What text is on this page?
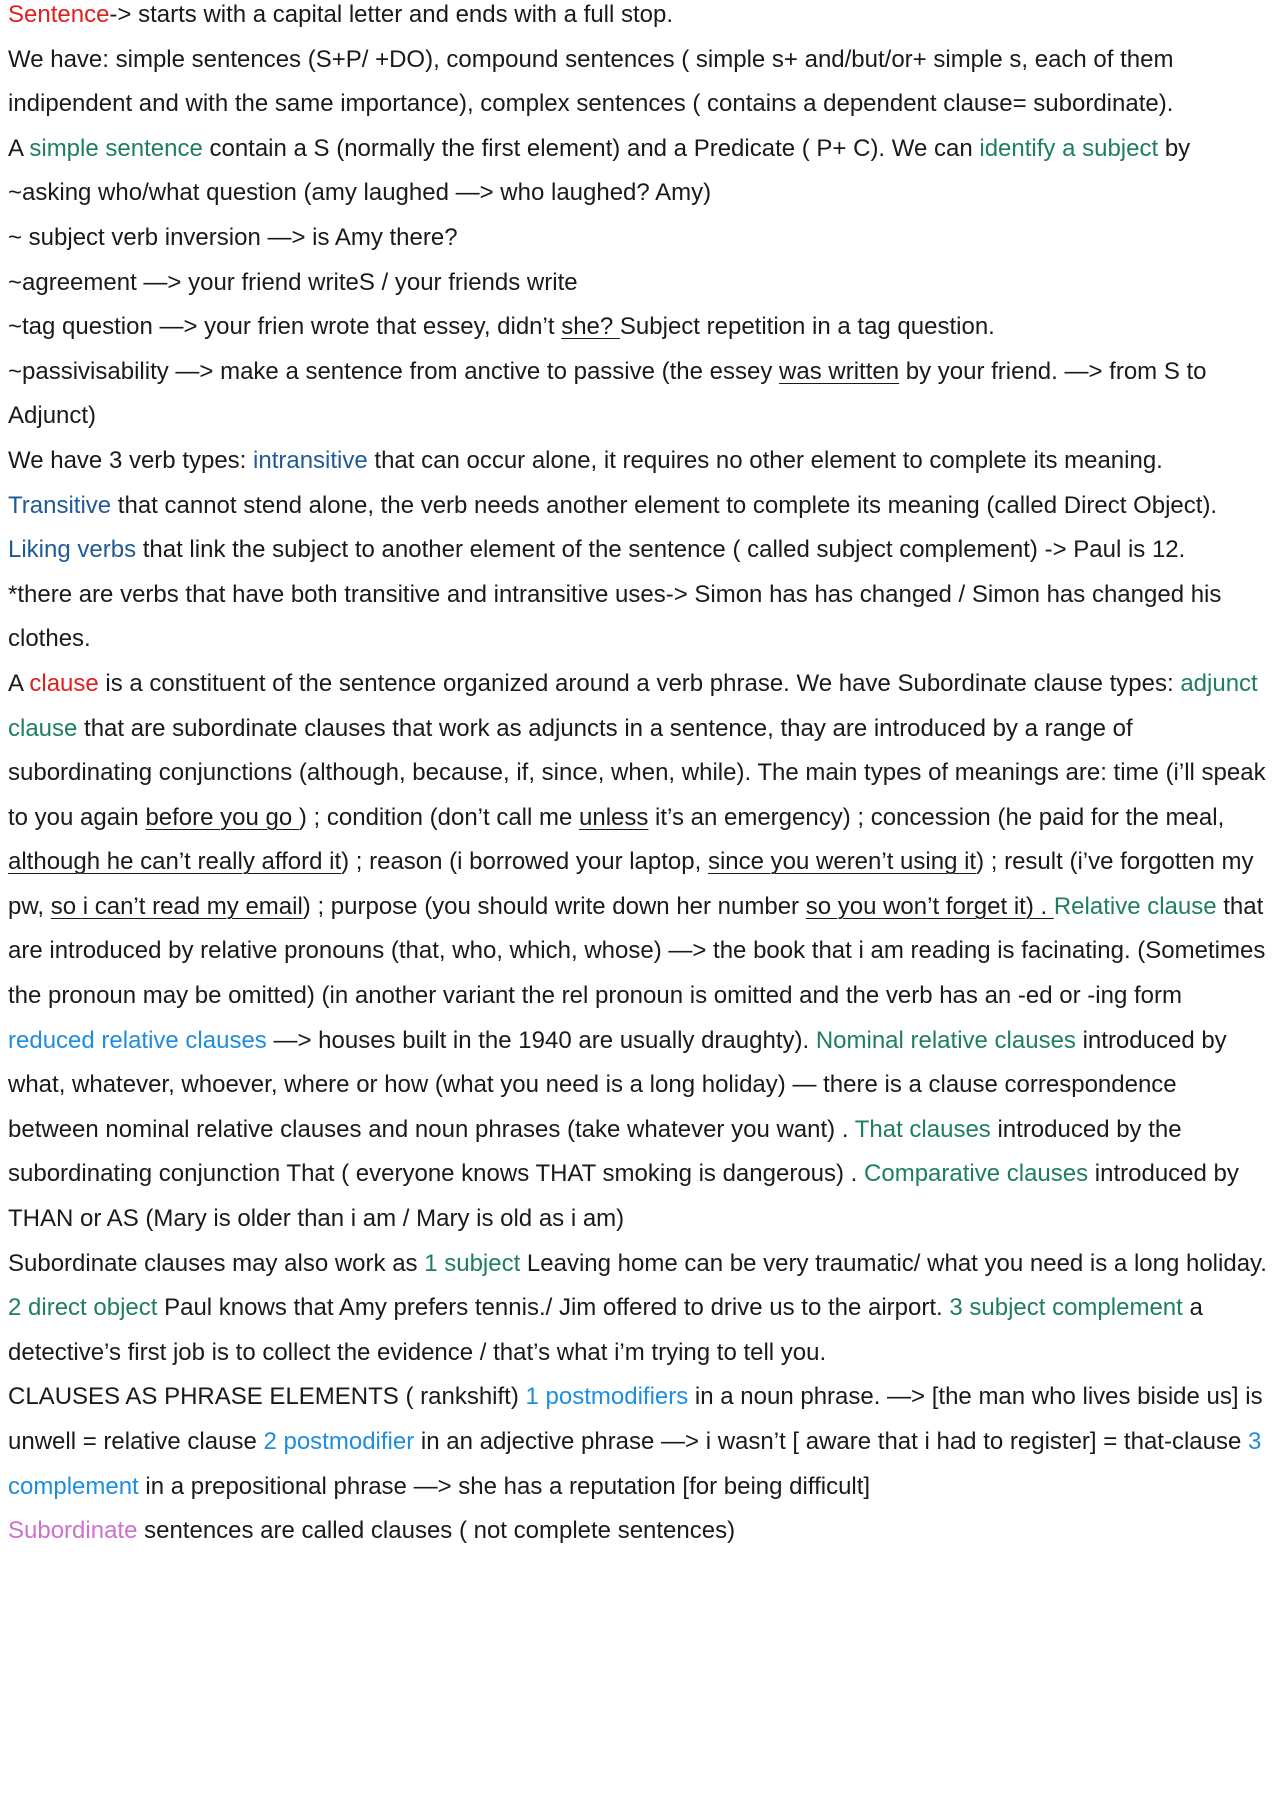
Sentence-> starts with a capital letter and ends with a full stop.

We have: simple sentences (S+P/ +DO), compound sentences ( simple s+ and/but/or+ simple s, each of them indipendent and with the same importance), complex sentences ( contains a dependent clause= subordinate).

A simple sentence contain a S (normally the first element) and a Predicate ( P+ C). We can identify a subject by ~asking who/what question (amy laughed —> who laughed? Amy)

~ subject verb inversion —> is Amy there?

~agreement —> your friend writeS / your friends write

~tag question —> your frien wrote that essey, didn’t she? Subject repetition in a tag question.

~passivisability —> make a sentence from anctive to passive (the essey was written by your friend. —> from S to Adjunct)

We have 3 verb types: intransitive that can occur alone, it requires no other element to complete its meaning. Transitive that cannot stend alone, the verb needs another element to complete its meaning (called Direct Object). Liking verbs that link the subject to another element of the sentence ( called subject complement) -> Paul is 12.

*there are verbs that have both transitive and intransitive uses-> Simon has has changed / Simon has changed his clothes.

A clause is a constituent of the sentence organized around a verb phrase. We have Subordinate clause types: adjunct clause that are subordinate clauses that work as adjuncts in a sentence, thay are introduced by a range of subordinating conjunctions (although, because, if, since, when, while). The main types of meanings are: time (i’ll speak to you again before you go ) ; condition (don’t call me unless it’s an emergency) ; concession (he paid for the meal, although he can’t really afford it) ; reason (i borrowed your laptop, since you weren’t using it) ; result (i’ve forgotten my pw, so i can’t read my email) ; purpose (you should write down her number so you won’t forget it) . Relative clause that are introduced by relative pronouns (that, who, which, whose) —> the book that i am reading is facinating. (Sometimes the pronoun may be omitted) (in another variant the rel pronoun is omitted and the verb has an -ed or -ing form reduced relative clauses —> houses built in the 1940 are usually draughty). Nominal relative clauses introduced by what, whatever, whoever, where or how (what you need is a long holiday) — there is a clause correspondence between nominal relative clauses and noun phrases (take whatever you want) . That clauses introduced by the subordinating conjunction That ( everyone knows THAT smoking is dangerous) . Comparative clauses introduced by THAN or AS (Mary is older than i am / Mary is old as i am)

Subordinate clauses may also work as 1 subject Leaving home can be very traumatic/ what you need is a long holiday. 2 direct object Paul knows that Amy prefers tennis./ Jim offered to drive us to the airport. 3 subject complement a detective’s first job is to collect the evidence / that’s what i’m trying to tell you.

CLAUSES AS PHRASE ELEMENTS ( rankshift) 1 postmodifiers in a noun phrase. —> [the man who lives biside us] is unwell = relative clause 2 postmodifier in an adjective phrase —> i wasn’t [ aware that i had to register] = that-clause 3 complement in a prepositional phrase —> she has a reputation [for being difficult]

Subordinate sentences are called clauses ( not complete sentences)
